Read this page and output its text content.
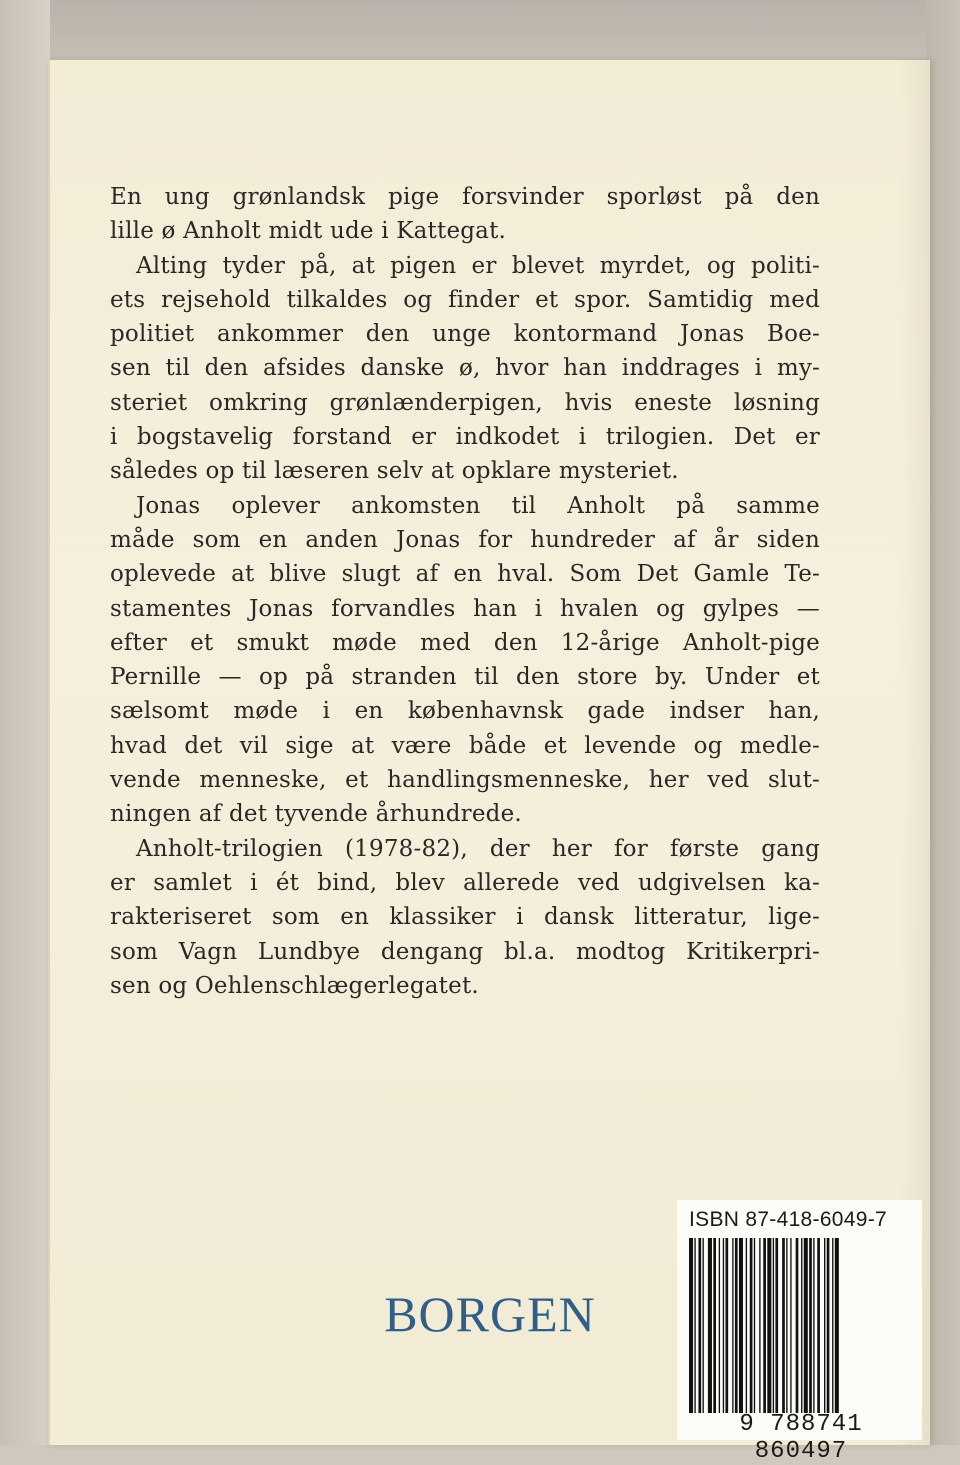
En ung grønlandsk pige forsvinder sporløst på den
lille ø Anholt midt ude i Kattegat.
Alting tyder på, at pigen er blevet myrdet, og politi-
ets rejsehold tilkaldes og finder et spor. Samtidig med
politiet ankommer den unge kontormand Jonas Boe-
sen til den afsides danske ø, hvor han inddrages i my-
steriet omkring grønlænderpigen, hvis eneste løsning
i bogstavelig forstand er indkodet i trilogien. Det er
således op til læseren selv at opklare mysteriet.
Jonas oplever ankomsten til Anholt på samme
måde som en anden Jonas for hundreder af år siden
oplevede at blive slugt af en hval. Som Det Gamle Te-
stamentes Jonas forvandles han i hvalen og gylpes —
efter et smukt møde med den 12-årige Anholt-pige
Pernille — op på stranden til den store by. Under et
sælsomt møde i en københavnsk gade indser han,
hvad det vil sige at være både et levende og medle-
vende menneske, et handlingsmenneske, her ved slut-
ningen af det tyvende århundrede.
Anholt-trilogien (1978-82), der her for første gang
er samlet i ét bind, blev allerede ved udgivelsen ka-
rakteriseret som en klassiker i dansk litteratur, lige-
som Vagn Lundbye dengang bl.a. modtog Kritikerpri-
sen og Oehlenschlægerlegatet.
BORGEN
ISBN 87-418-6049-7
9 788741 860497
